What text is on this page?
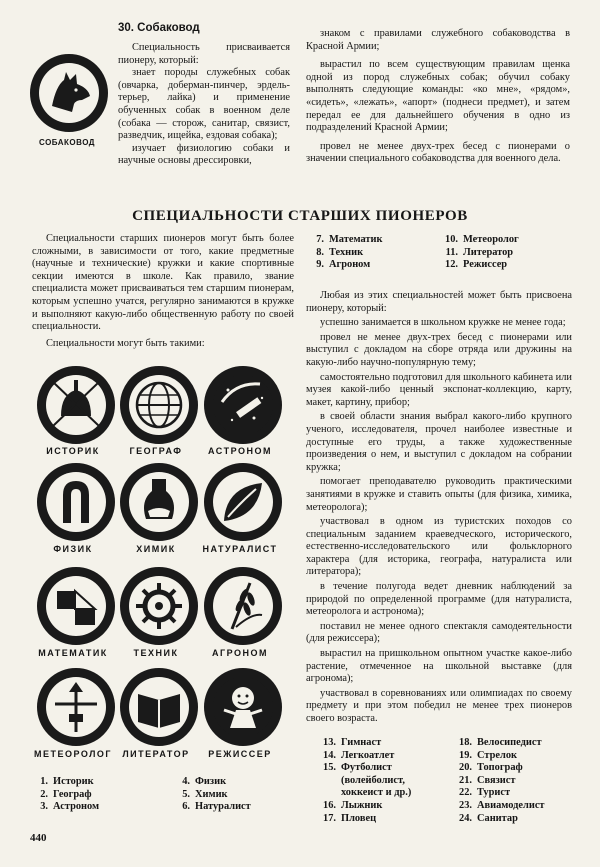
30. Собаковод
СОБАКОВОД

Специальность присваивается пионеру, который:

знает породы служебных собак (овчарка, доберман-пинчер, эрдель-терьер, лайка) и применение обученных собак в военном деле (собака — сторож, санитар, связист, разведчик, ищейка, ездовая собака);

изучает физиологию собаки и научные основы дрессировки,

знаком с правилами служебного собаководства в Красной Армии;

вырастил по всем существующим правилам щенка одной из пород служебных собак; обучил собаку выполнять следующие команды: «ко мне», «рядом», «сидеть», «лежать», «апорт» (поднеси предмет), и затем передал ее для дальнейшего обучения в одно из подразделений Красной Армии;

провел не менее двух-трех бесед с пионерами о значении специального собаководства для военного дела.

СПЕЦИАЛЬНОСТИ СТАРШИХ ПИОНЕРОВ

Специальности старших пионеров могут быть более сложными, в зависимости от того, какие предметные (научные и технические) кружки и какие спортивные секции имеются в школе. Как правило, звание специалиста может присваиваться тем старшим пионерам, которым успешно учатся, регулярно занимаются в кружке и выполняют какую-либо общественную работу по своей специальности.

Специальности могут быть такими:

ИСТОРИК	ГЕОГРАФ	АСТРОНОМ
ФИЗИК	ХИМИК	НАТУРАЛИСТ
МАТЕМАТИК	ТЕХНИК	АГРОНОМ
МЕТЕОРОЛОГ	ЛИТЕРАТОР	РЕЖИССЕР
1. Историк
2. Географ
3. Астроном
4. Физик
5. Химик
6. Натуралист
440
7. Математик
8. Техник
9. Агроном
10. Метеоролог
11. Литератор
12. Режиссер

Любая из этих специальностей может быть присвоена пионеру, который:

успешно занимается в школьном кружке не менее года;

провел не менее двух-трех бесед с пионерами или выступил с докладом на сборе отряда или дружины на какую-либо научно-популярную тему;

самостоятельно подготовил для школьного кабинета или музея какой-либо ценный экспонат-коллекцию, карту, макет, картину, прибор;

в своей области знания выбрал какого-либо крупного ученого, исследователя, прочел наиболее известные и доступные его труды, а также художественные произведения о нем, и выступил с докладом на собрании кружка;

помогает преподавателю руководить практическими занятиями в кружке и ставить опыты (для физика, химика, метеоролога);

участвовал в одном из туристских походов со специальным заданием краеведческого, исторического, естественно-исследовательского или фольклорного характера (для историка, географа, натуралиста или литератора);

в течение полугода ведет дневник наблюдений за природой по определенной программе (для натуралиста, метеоролога и астронома);

поставил не менее одного спектакля самодеятельности (для режиссера);

вырастил на пришкольном опытном участке какое-либо растение, отмеченное на школьной выставке (для агронома);

участвовал в соревнованиях или олимпиадах по своему предмету и при этом победил не менее трех пионеров своего возраста.

13. Гимнаст
14. Легкоатлет
15. Футболист (волейболист, хоккеист и др.)
16. Лыжник
17. Пловец
18. Велосипедист
19. Стрелок
20. Топограф
21. Связист
22. Турист
23. Авиамоделист
24. Санитар
